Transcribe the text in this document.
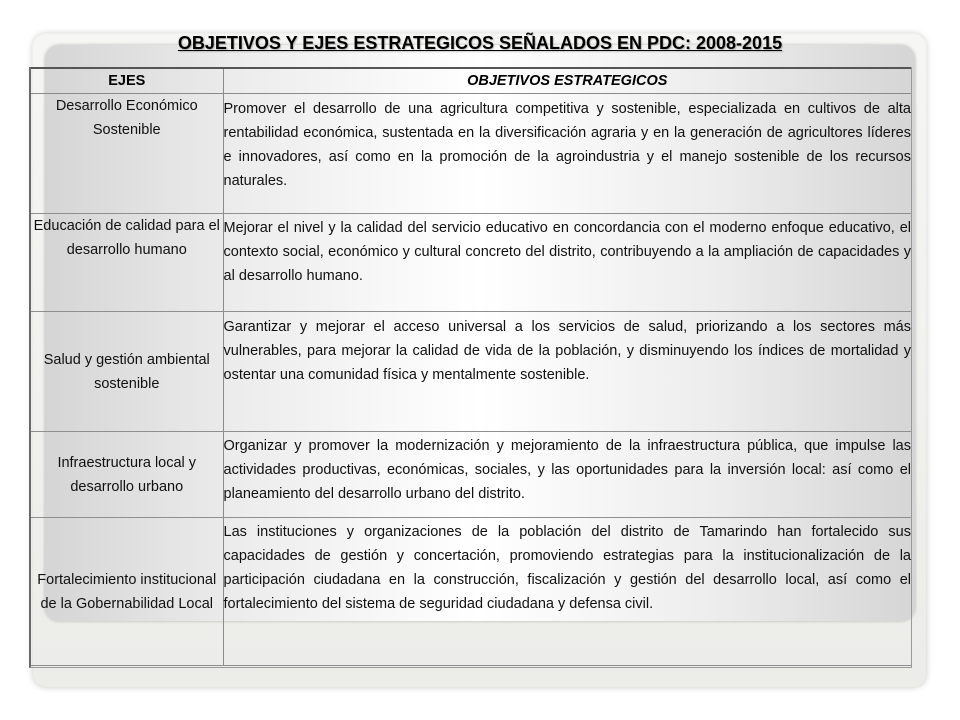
OBJETIVOS Y EJES ESTRATEGICOS SEÑALADOS EN PDC: 2008-2015
EJES	OBJETIVOS ESTRATEGICOS
Desarrollo Económico Sostenible	Promover el desarrollo de una agricultura competitiva y sostenible, especializada en cultivos de alta rentabilidad económica, sustentada en la diversificación agraria y en la generación de agricultores líderes e innovadores, así como en la promoción de la agroindustria y el manejo sostenible de los recursos naturales.

Educación de calidad para el desarrollo humano	Mejorar el nivel y la calidad del servicio educativo en concordancia con el moderno enfoque educativo, el contexto social, económico y cultural concreto del distrito, contribuyendo a la ampliación de capacidades y al desarrollo humano.

Salud y gestión ambiental sostenible	Garantizar y mejorar el acceso universal a los servicios de salud, priorizando a los sectores más vulnerables, para mejorar la calidad de vida de la población, y disminuyendo los índices de mortalidad y ostentar una comunidad física y mentalmente sostenible.

Infraestructura local y desarrollo urbano	Organizar y promover la modernización y mejoramiento de la infraestructura pública, que impulse las actividades productivas, económicas, sociales, y las oportunidades para la inversión local: así como el planeamiento del desarrollo urbano del distrito.

Fortalecimiento institucional de la Gobernabilidad Local	Las instituciones y organizaciones de la población del distrito de Tamarindo han fortalecido sus capacidades de gestión y concertación, promoviendo estrategias para la institucionalización de la participación ciudadana en la construcción, fiscalización y gestión del desarrollo local, así como el fortalecimiento del sistema de seguridad ciudadana y defensa civil.
